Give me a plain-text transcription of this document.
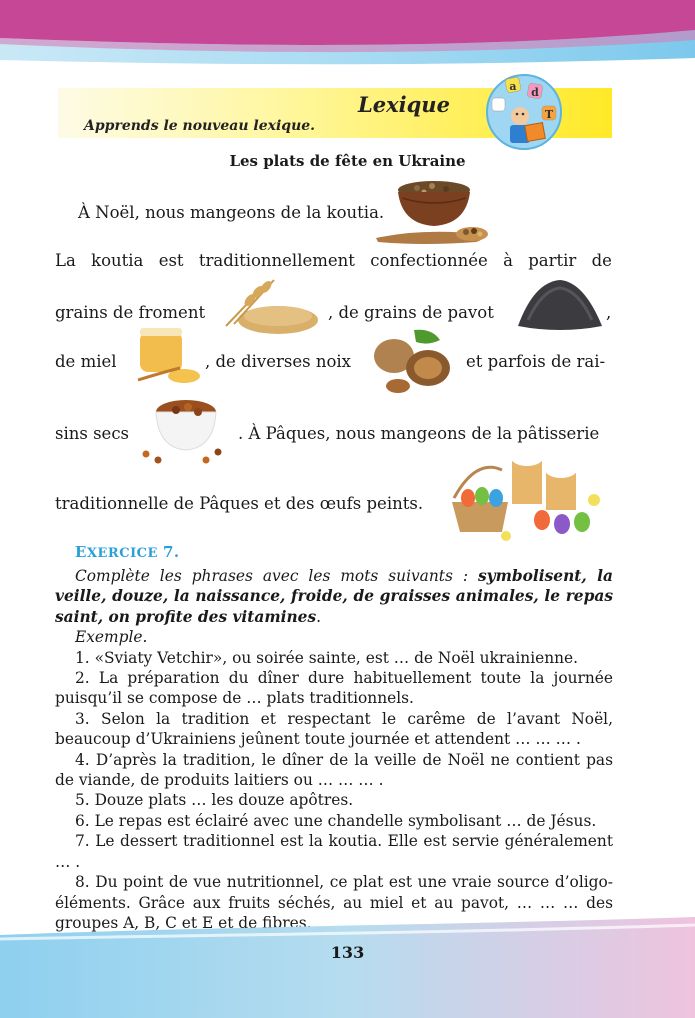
Lexique
Apprends le nouveau lexique.
a d
T
Les plats de fête en Ukraine
À Noël, nous mangeons de la koutia.
La koutia est traditionnellement confectionnée à partir de
grains de froment	, de grains de pavot	,
de miel	, de diverses noix	et parfois de rai-
sins secs	. À Pâques, nous mangeons de la pâtisserie
traditionnelle de Pâques et des œufs peints.
EXERCICE 7.

Complète les phrases avec les mots suivants : symbolisent, la veille, douze, la naissance, froide, de graisses animales, le repas saint, on profite des vitamines.

Exemple.

1. «Sviaty Vetchir», ou soirée sainte, est … de Noël ukrainienne.

2. La préparation du dîner dure habituellement toute la journée puisqu’il se compose de … plats traditionnels.

3. Selon la tradition et respectant le carême de l’avant Noël, beaucoup d’Ukrainiens jeûnent toute journée et attendent … … … .

4. D’après la tradition, le dîner de la veille de Noël ne contient pas de viande, de produits laitiers ou … … … .

5. Douze plats … les douze apôtres.

6. Le repas est éclairé avec une chandelle symbolisant … de Jésus.

7. Le dessert traditionnel est la koutia. Elle est servie généralement … .

8. Du point de vue nutritionnel, ce plat est une vraie source d’oligo-éléments. Grâce aux fruits séchés, au miel et au pavot, … … … des groupes A, B, C et E et de fibres.

133
